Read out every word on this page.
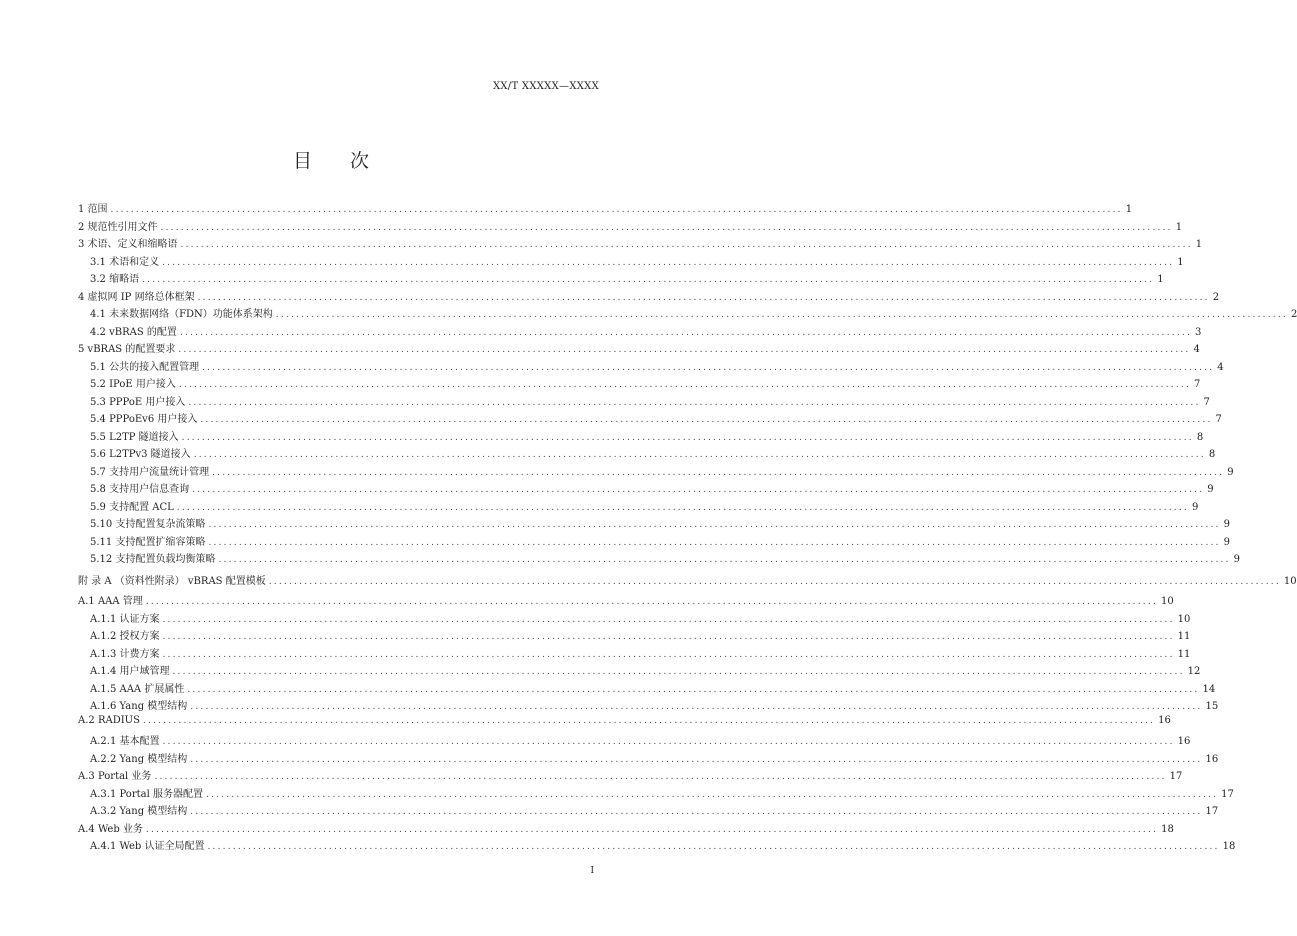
XX/T XXXXX—XXXX
目次
1 范围 ........................................................................................................................................................................................................ 1
2 规范性引用文件 ........................................................................................................................................................................................................ 1
3 术语、定义和缩略语 ........................................................................................................................................................................................................ 1
3.1 术语和定义 ........................................................................................................................................................................................................ 1
3.2 缩略语 ........................................................................................................................................................................................................ 1
4 虚拟网 IP 网络总体框架 ........................................................................................................................................................................................................ 2
4.1 未来数据网络（FDN）功能体系架构 ........................................................................................................................................................................................................ 2
4.2 vBRAS 的配置 ........................................................................................................................................................................................................ 3
5 vBRAS 的配置要求 ........................................................................................................................................................................................................ 4
5.1 公共的接入配置管理 ........................................................................................................................................................................................................ 4
5.2 IPoE 用户接入 ........................................................................................................................................................................................................ 7
5.3 PPPoE 用户接入 ........................................................................................................................................................................................................ 7
5.4 PPPoEv6 用户接入 ........................................................................................................................................................................................................ 7
5.5 L2TP 隧道接入 ........................................................................................................................................................................................................ 8
5.6 L2TPv3 隧道接入 ........................................................................................................................................................................................................ 8
5.7 支持用户流量统计管理 ........................................................................................................................................................................................................ 9
5.8 支持用户信息查询 ........................................................................................................................................................................................................ 9
5.9 支持配置 ACL ........................................................................................................................................................................................................ 9
5.10 支持配置复杂流策略 ........................................................................................................................................................................................................ 9
5.11 支持配置扩缩容策略 ........................................................................................................................................................................................................ 9
5.12 支持配置负载均衡策略 ........................................................................................................................................................................................................ 9
附 录 A （资料性附录） vBRAS 配置模板 ........................................................................................................................................................................................................ 10
A.1 AAA 管理 ........................................................................................................................................................................................................ 10
A.1.1 认证方案 ........................................................................................................................................................................................................ 10
A.1.2 授权方案 ........................................................................................................................................................................................................ 11
A.1.3 计费方案 ........................................................................................................................................................................................................ 11
A.1.4 用户域管理 ........................................................................................................................................................................................................ 12
A.1.5 AAA 扩展属性 ........................................................................................................................................................................................................ 14
A.1.6 Yang 模型结构 ........................................................................................................................................................................................................ 15
A.2 RADIUS ........................................................................................................................................................................................................ 16
A.2.1 基本配置 ........................................................................................................................................................................................................ 16
A.2.2 Yang 模型结构 ........................................................................................................................................................................................................ 16
A.3 Portal 业务 ........................................................................................................................................................................................................ 17
A.3.1 Portal 服务器配置 ........................................................................................................................................................................................................ 17
A.3.2 Yang 模型结构 ........................................................................................................................................................................................................ 17
A.4 Web 业务 ........................................................................................................................................................................................................ 18
A.4.1 Web 认证全局配置 ........................................................................................................................................................................................................ 18
I
